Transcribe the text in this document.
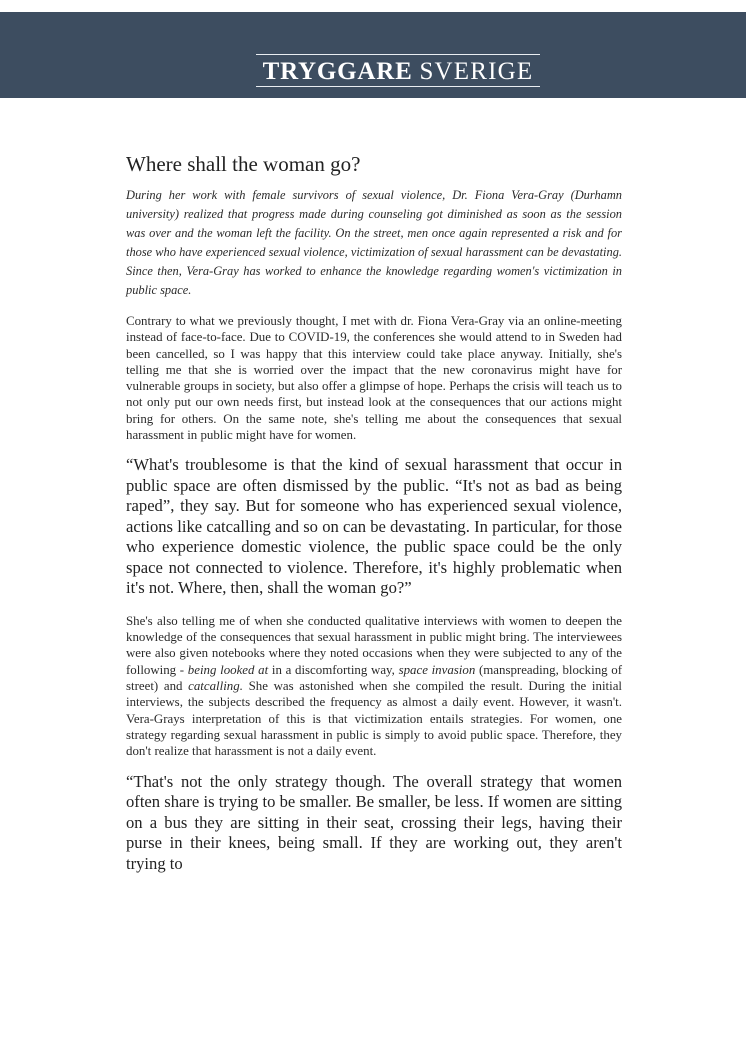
TRYGGARE SVERIGE
Where shall the woman go?

During her work with female survivors of sexual violence, Dr. Fiona Vera-Gray (Durhamn university) realized that progress made during counseling got diminished as soon as the session was over and the woman left the facility. On the street, men once again represented a risk and for those who have experienced sexual violence, victimization of sexual harassment can be devastating. Since then, Vera-Gray has worked to enhance the knowledge regarding women's victimization in public space.

Contrary to what we previously thought, I met with dr. Fiona Vera-Gray via an online-meeting instead of face-to-face. Due to COVID-19, the conferences she would attend to in Sweden had been cancelled, so I was happy that this interview could take place anyway. Initially, she's telling me that she is worried over the impact that the new coronavirus might have for vulnerable groups in society, but also offer a glimpse of hope. Perhaps the crisis will teach us to not only put our own needs first, but instead look at the consequences that our actions might bring for others. On the same note, she's telling me about the consequences that sexual harassment in public might have for women.

“What's troublesome is that the kind of sexual harassment that occur in public space are often dismissed by the public. “It's not as bad as being raped”, they say. But for someone who has experienced sexual violence, actions like catcalling and so on can be devastating. In particular, for those who experience domestic violence, the public space could be the only space not connected to violence. Therefore, it's highly problematic when it's not. Where, then, shall the woman go?”

She's also telling me of when she conducted qualitative interviews with women to deepen the knowledge of the consequences that sexual harassment in public might bring. The interviewees were also given notebooks where they noted occasions when they were subjected to any of the following - being looked at in a discomforting way, space invasion (manspreading, blocking of street) and catcalling. She was astonished when she compiled the result. During the initial interviews, the subjects described the frequency as almost a daily event. However, it wasn't. Vera-Grays interpretation of this is that victimization entails strategies. For women, one strategy regarding sexual harassment in public is simply to avoid public space. Therefore, they don't realize that harassment is not a daily event.

“That's not the only strategy though. The overall strategy that women often share is trying to be smaller. Be smaller, be less. If women are sitting on a bus they are sitting in their seat, crossing their legs, having their purse in their knees, being small. If they are working out, they aren't trying to
